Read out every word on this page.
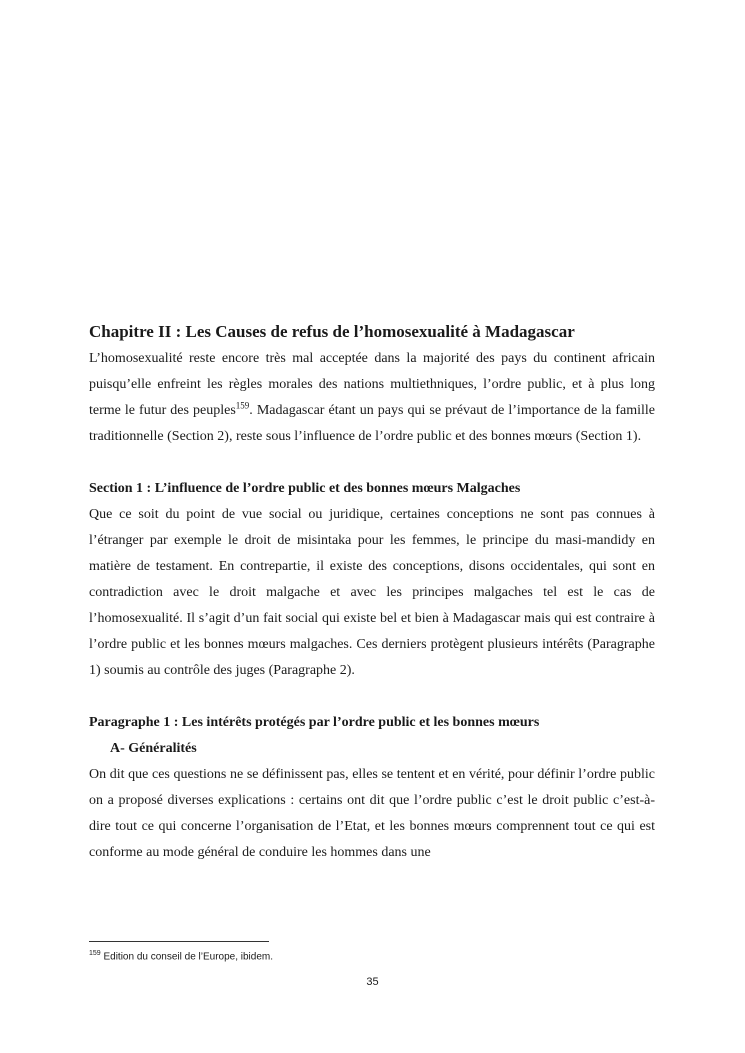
Chapitre II : Les Causes de refus de l’homosexualité à Madagascar

L’homosexualité reste encore très mal acceptée dans la majorité des pays du continent africain puisqu’elle enfreint les règles morales des nations multiethniques, l’ordre public, et à plus long terme le futur des peuples$^{159}$. Madagascar étant un pays qui se prévaut de l’importance de la famille traditionnelle (Section 2), reste sous l’influence de l’ordre public et des bonnes mœurs (Section 1).

Section 1 : L’influence de l’ordre public et des bonnes mœurs Malgaches

Que ce soit du point de vue social ou juridique, certaines conceptions ne sont pas connues à l’étranger par exemple le droit de misintaka pour les femmes, le principe du masi-mandidy en matière de testament. En contrepartie, il existe des conceptions, disons occidentales, qui sont en contradiction avec le droit malgache et avec les principes malgaches tel est le cas de l’homosexualité. Il s’agit d’un fait social qui existe bel et bien à Madagascar mais qui est contraire à l’ordre public et les bonnes mœurs malgaches. Ces derniers protègent plusieurs intérêts (Paragraphe 1) soumis au contrôle des juges (Paragraphe 2).

Paragraphe 1 : Les intérêts protégés par l’ordre public et les bonnes mœurs
A- Généralités

On dit que ces questions ne se définissent pas, elles se tentent et en vérité, pour définir l’ordre public on a proposé diverses explications : certains ont dit que l’ordre public c’est le droit public c’est-à-dire tout ce qui concerne l’organisation de l’Etat, et les bonnes mœurs comprennent tout ce qui est conforme au mode général de conduire les hommes dans une

$^{159}$ Edition du conseil de l’Europe, ibidem.
35
